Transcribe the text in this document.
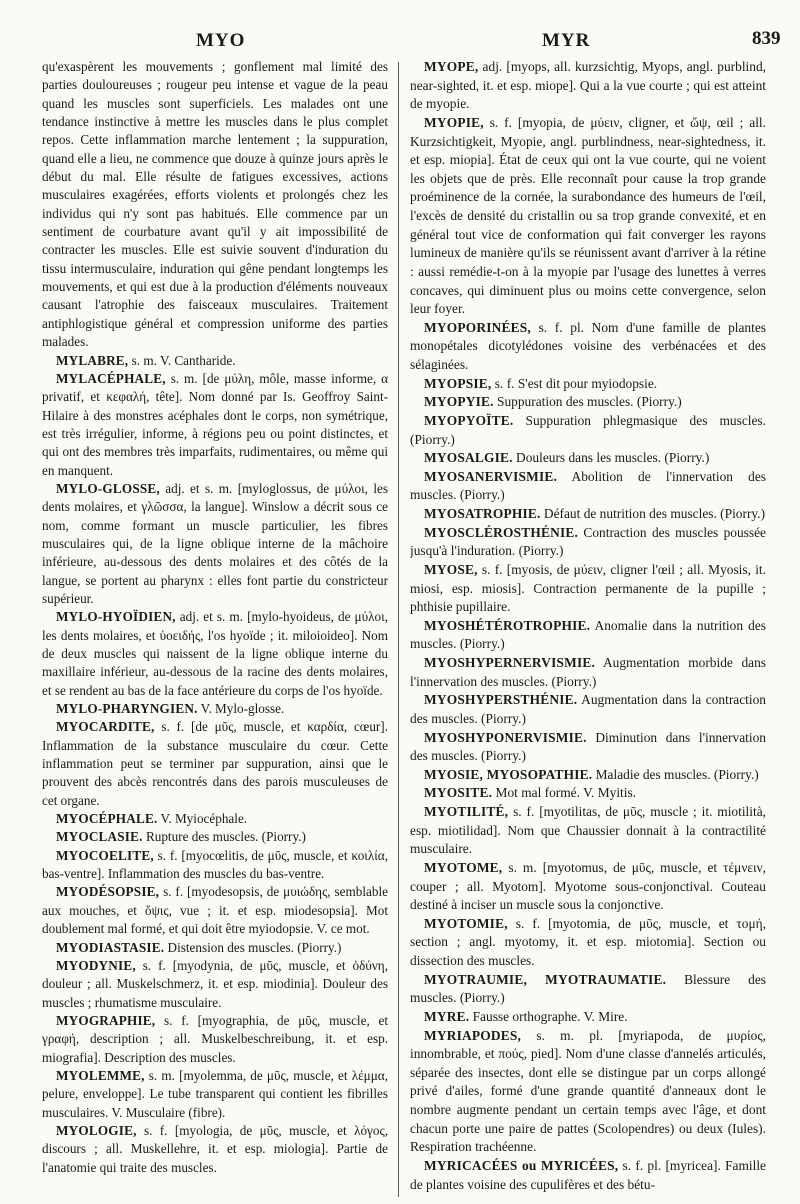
MYO	MYR	839

qu'exaspèrent les mouvements ; gonflement mal limité des parties douloureuses ; rougeur peu intense et vague de la peau quand les muscles sont superficiels. Les malades ont une tendance instinctive à mettre les muscles dans le plus complet repos. Cette inflammation marche lentement ; la suppuration, quand elle a lieu, ne commence que douze à quinze jours après le début du mal. Elle résulte de fatigues excessives, actions musculaires exagérées, efforts violents et prolongés chez les individus qui n'y sont pas habitués. Elle commence par un sentiment de courbature avant qu'il y ait impossibilité de contracter les muscles. Elle est suivie souvent d'induration du tissu intermusculaire, induration qui gêne pendant longtemps les mouvements, et qui est due à la production d'éléments nouveaux causant l'atrophie des faisceaux musculaires. Traitement antiphlogistique général et compression uniforme des parties malades.

MYLABRE, s. m. V. Cantharide.

MYLACÉPHALE, s. m. [de μύλη, môle, masse informe, α privatif, et κεφαλή, tête]. Nom donné par Is. Geoffroy Saint-Hilaire à des monstres acéphales dont le corps, non symétrique, est très irrégulier, informe, à régions peu ou point distinctes, et qui ont des membres très imparfaits, rudimentaires, ou même qui en manquent.

MYLO-GLOSSE, adj. et s. m. [myloglossus, de μύλοι, les dents molaires, et γλῶσσα, la langue]. Winslow a décrit sous ce nom, comme formant un muscle particulier, les fibres musculaires qui, de la ligne oblique interne de la mâchoire inférieure, au-dessous des dents molaires et des côtés de la langue, se portent au pharynx : elles font partie du constricteur supérieur.

MYLO-HYOÏDIEN, adj. et s. m. [mylo-hyoideus, de μύλοι, les dents molaires, et ὑοειδής, l'os hyoïde ; it. miloioideo]. Nom de deux muscles qui naissent de la ligne oblique interne du maxillaire inférieur, au-dessous de la racine des dents molaires, et se rendent au bas de la face antérieure du corps de l'os hyoïde.

MYLO-PHARYNGIEN. V. Mylo-glosse.

MYOCARDITE, s. f. [de μῦς, muscle, et καρδία, cœur]. Inflammation de la substance musculaire du cœur. Cette inflammation peut se terminer par suppuration, ainsi que le prouvent des abcès rencontrés dans des parois musculeuses de cet organe.

MYOCÉPHALE. V. Myiocéphale.

MYOCLASIE. Rupture des muscles. (Piorry.)

MYOCOELITE, s. f. [myocœlitis, de μῦς, muscle, et κοιλία, bas-ventre]. Inflammation des muscles du bas-ventre.

MYODÉSOPSIE, s. f. [myodesopsis, de μυιώδης, semblable aux mouches, et ὄψις, vue ; it. et esp. miodesopsia]. Mot doublement mal formé, et qui doit être myiodopsie. V. ce mot.

MYODIASTASIE. Distension des muscles. (Piorry.)

MYODYNIE, s. f. [myodynia, de μῦς, muscle, et ὀδύνη, douleur ; all. Muskelschmerz, it. et esp. miodinia]. Douleur des muscles ; rhumatisme musculaire.

MYOGRAPHIE, s. f. [myographia, de μῦς, muscle, et γραφή, description ; all. Muskelbeschreibung, it. et esp. miografia]. Description des muscles.

MYOLEMME, s. m. [myolemma, de μῦς, muscle, et λέμμα, pelure, enveloppe]. Le tube transparent qui contient les fibrilles musculaires. V. Musculaire (fibre).

MYOLOGIE, s. f. [myologia, de μῦς, muscle, et λόγος, discours ; all. Muskellehre, it. et esp. miologia]. Partie de l'anatomie qui traite des muscles.

MYOPE, adj. [myops, all. kurzsichtig, Myops, angl. purblind, near-sighted, it. et esp. miope]. Qui a la vue courte ; qui est atteint de myopie.

MYOPIE, s. f. [myopia, de μύειν, cligner, et ὤψ, œil ; all. Kurzsichtigkeit, Myopie, angl. purblindness, near-sightedness, it. et esp. miopia]. État de ceux qui ont la vue courte, qui ne voient les objets que de près. Elle reconnaît pour cause la trop grande proéminence de la cornée, la surabondance des humeurs de l'œil, l'excès de densité du cristallin ou sa trop grande convexité, et en général tout vice de conformation qui fait converger les rayons lumineux de manière qu'ils se réunissent avant d'arriver à la rétine : aussi remédie-t-on à la myopie par l'usage des lunettes à verres concaves, qui diminuent plus ou moins cette convergence, selon leur foyer.

MYOPORINÉES, s. f. pl. Nom d'une famille de plantes monopétales dicotylédones voisine des verbénacées et des sélaginées.

MYOPSIE, s. f. S'est dit pour myiodopsie.

MYOPYIE. Suppuration des muscles. (Piorry.)

MYOPYOÏTE. Suppuration phlegmasique des muscles. (Piorry.)

MYOSALGIE. Douleurs dans les muscles. (Piorry.)

MYOSANERVISMIE. Abolition de l'innervation des muscles. (Piorry.)

MYOSATROPHIE. Défaut de nutrition des muscles. (Piorry.)

MYOSCLÉROSTHÉNIE. Contraction des muscles poussée jusqu'à l'induration. (Piorry.)

MYOSE, s. f. [myosis, de μύειν, cligner l'œil ; all. Myosis, it. miosi, esp. miosis]. Contraction permanente de la pupille ; phthisie pupillaire.

MYOSHÉTÉROTROPHIE. Anomalie dans la nutrition des muscles. (Piorry.)

MYOSHYPERNERVISMIE. Augmentation morbide dans l'innervation des muscles. (Piorry.)

MYOSHYPERSTHÉNIE. Augmentation dans la contraction des muscles. (Piorry.)

MYOSHYPONERVISMIE. Diminution dans l'innervation des muscles. (Piorry.)

MYOSIE, MYOSOPATHIE. Maladie des muscles. (Piorry.)

MYOSITE. Mot mal formé. V. Myitis.

MYOTILITÉ, s. f. [myotilitas, de μῦς, muscle ; it. miotilità, esp. miotilidad]. Nom que Chaussier donnait à la contractilité musculaire.

MYOTOME, s. m. [myotomus, de μῦς, muscle, et τέμνειν, couper ; all. Myotom]. Myotome sous-conjonctival. Couteau destiné à inciser un muscle sous la conjonctive.

MYOTOMIE, s. f. [myotomia, de μῦς, muscle, et τομή, section ; angl. myotomy, it. et esp. miotomia]. Section ou dissection des muscles.

MYOTRAUMIE, MYOTRAUMATIE. Blessure des muscles. (Piorry.)

MYRE. Fausse orthographe. V. Mire.

MYRIAPODES, s. m. pl. [myriapoda, de μυρίος, innombrable, et πούς, pied]. Nom d'une classe d'annelés articulés, séparée des insectes, dont elle se distingue par un corps allongé privé d'ailes, formé d'une grande quantité d'anneaux dont le nombre augmente pendant un certain temps avec l'âge, et dont chacun porte une paire de pattes (Scolopendres) ou deux (Iules). Respiration trachéenne.

MYRICACÉES ou MYRICÉES, s. f. pl. [myricea]. Famille de plantes voisine des cupulifères et des bétu-
